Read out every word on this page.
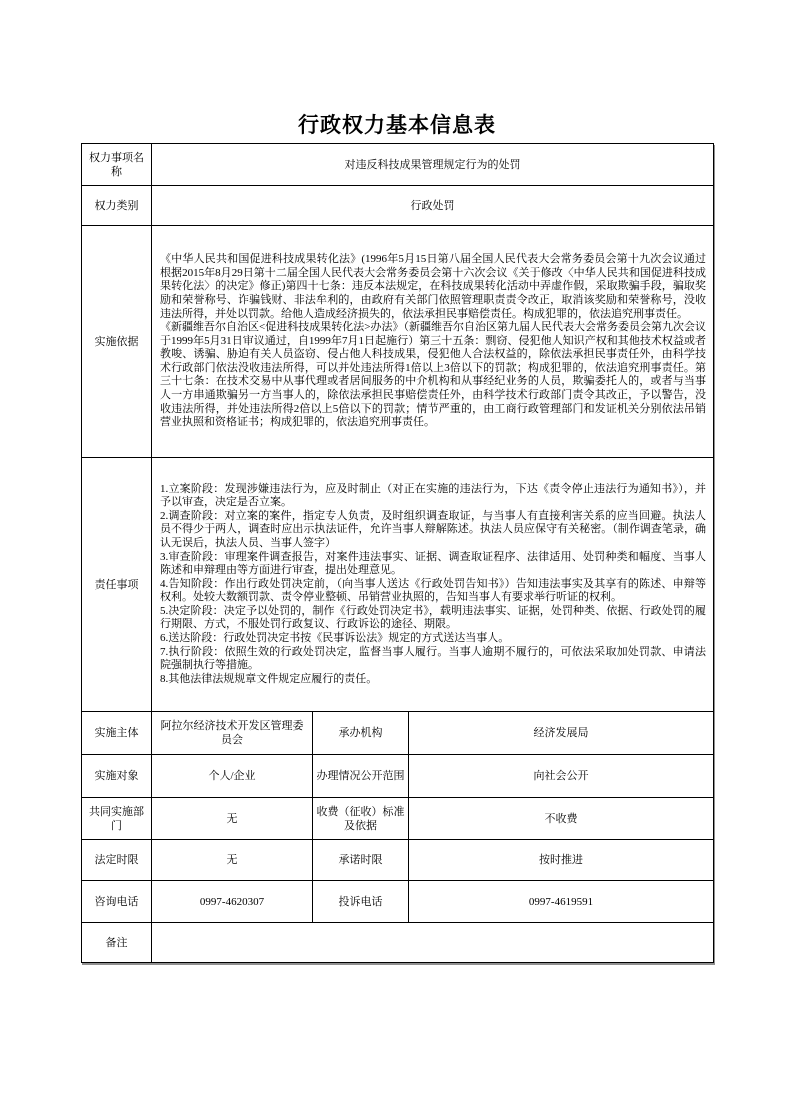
行政权力基本信息表
权力事项名称	对违反科技成果管理规定行为的处罚		
权力类别	行政处罚		
实施依据	《中华人民共和国促进科技成果转化法》(1996年5月15日第八届全国人民代表大会常务委员会第十九次会议通过 根据2015年8月29日第十二届全国人民代表大会常务委员会第十六次会议《关于修改〈中华人民共和国促进科技成果转化法〉的决定》修正)第四十七条：违反本法规定，在科技成果转化活动中弄虚作假，采取欺骗手段，骗取奖励和荣誉称号、诈骗钱财、非法牟利的，由政府有关部门依照管理职责责令改正，取消该奖励和荣誉称号，没收违法所得，并处以罚款。给他人造成经济损失的，依法承担民事赔偿责任。构成犯罪的，依法追究刑事责任。
《新疆维吾尔自治区<促进科技成果转化法>办法》（新疆维吾尔自治区第九届人民代表大会常务委员会第九次会议于1999年5月31日审议通过，自1999年7月1日起施行）第三十五条：剽窃、侵犯他人知识产权和其他技术权益或者教唆、诱骗、胁迫有关人员盗窃、侵占他人科技成果，侵犯他人合法权益的，除依法承担民事责任外，由科学技术行政部门依法没收违法所得，可以并处违法所得1倍以上3倍以下的罚款；构成犯罪的，依法追究刑事责任。第三十七条：在技术交易中从事代理或者居间服务的中介机构和从事经纪业务的人员，欺骗委托人的，或者与当事人一方串通欺骗另一方当事人的，除依法承担民事赔偿责任外，由科学技术行政部门责令其改正，予以警告，没收违法所得，并处违法所得2倍以上5倍以下的罚款；情节严重的，由工商行政管理部门和发证机关分别依法吊销营业执照和资格证书；构成犯罪的，依法追究刑事责任。		

责任事项	
1.立案阶段：发现涉嫌违法行为，应及时制止（对正在实施的违法行为，下达《责令停止违法行为通知书》），并予以审查，决定是否立案。
2.调查阶段：对立案的案件，指定专人负责，及时组织调查取证，与当事人有直接利害关系的应当回避。执法人员不得少于两人，调查时应出示执法证件，允许当事人辩解陈述。执法人员应保守有关秘密。（制作调查笔录，确认无误后，执法人员、当事人签字）
3.审查阶段：审理案件调查报告，对案件违法事实、证据、调查取证程序、法律适用、处罚种类和幅度、当事人陈述和申辩理由等方面进行审查，提出处理意见。
4.告知阶段：作出行政处罚决定前，（向当事人送达《行政处罚告知书》）告知违法事实及其享有的陈述、申辩等权利。处较大数额罚款、责令停业整顿、吊销营业执照的，告知当事人有要求举行听证的权利。
5.决定阶段：决定予以处罚的，制作《行政处罚决定书》，载明违法事实、证据，处罚种类、依据、行政处罚的履行期限、方式，不服处罚行政复议、行政诉讼的途径、期限。
6.送达阶段：行政处罚决定书按《民事诉讼法》规定的方式送达当事人。
7.执行阶段：依照生效的行政处罚决定，监督当事人履行。当事人逾期不履行的，可依法采取加处罚款、申请法院强制执行等措施。
8.其他法律法规规章文件规定应履行的责任。

实施主体	阿拉尔经济技术开发区管理委员会	承办机构	经济发展局
实施对象	个人/企业	办理情况公开范围	向社会公开
共同实施部门	无	收费（征收）标准及依据	不收费
法定时限	无	承诺时限	按时推进
咨询电话	0997-4620307	投诉电话	0997-4619591
备注			
